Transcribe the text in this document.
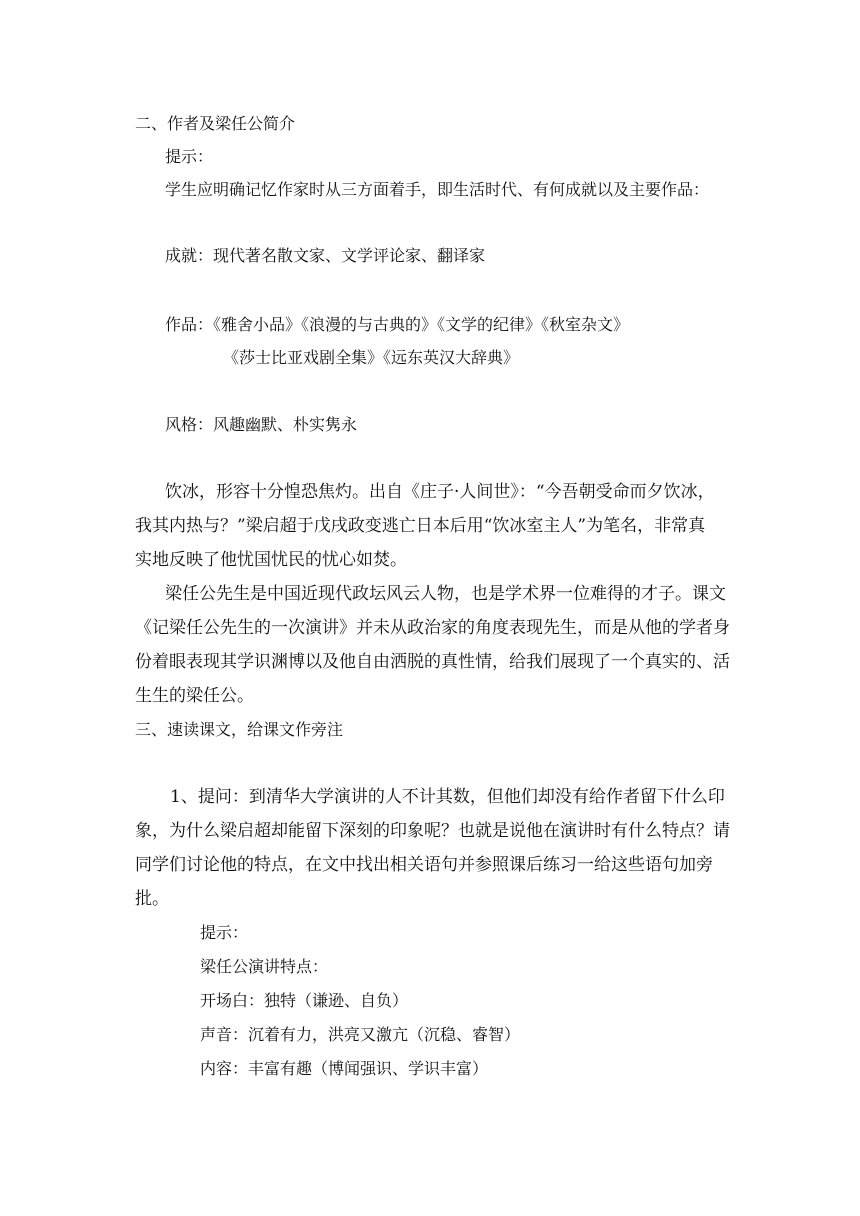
二、作者及梁任公简介
提示：
学生应明确记忆作家时从三方面着手，即生活时代、有何成就以及主要作品：
成就：现代著名散文家、文学评论家、翻译家
作品：《雅舍小品》《浪漫的与古典的》《文学的纪律》《秋室杂文》
《莎士比亚戏剧全集》《远东英汉大辞典》
风格：风趣幽默、朴实隽永
饮冰，形容十分惶恐焦灼。出自《庄子·人间世》：“今吾朝受命而夕饮冰，
我其内热与？”梁启超于戊戌政变逃亡日本后用“饮冰室主人”为笔名，非常真
实地反映了他忧国忧民的忧心如焚。
梁任公先生是中国近现代政坛风云人物，也是学术界一位难得的才子。课文
《记梁任公先生的一次演讲》并未从政治家的角度表现先生，而是从他的学者身
份着眼表现其学识渊博以及他自由洒脱的真性情，给我们展现了一个真实的、活
生生的梁任公。
三、速读课文，给课文作旁注
1、提问：到清华大学演讲的人不计其数，但他们却没有给作者留下什么印
象，为什么梁启超却能留下深刻的印象呢？也就是说他在演讲时有什么特点？请
同学们讨论他的特点，在文中找出相关语句并参照课后练习一给这些语句加旁
批。
提示：
梁任公演讲特点：
开场白：独特（谦逊、自负）
声音：沉着有力，洪亮又激亢（沉稳、睿智）
内容：丰富有趣（博闻强识、学识丰富）
